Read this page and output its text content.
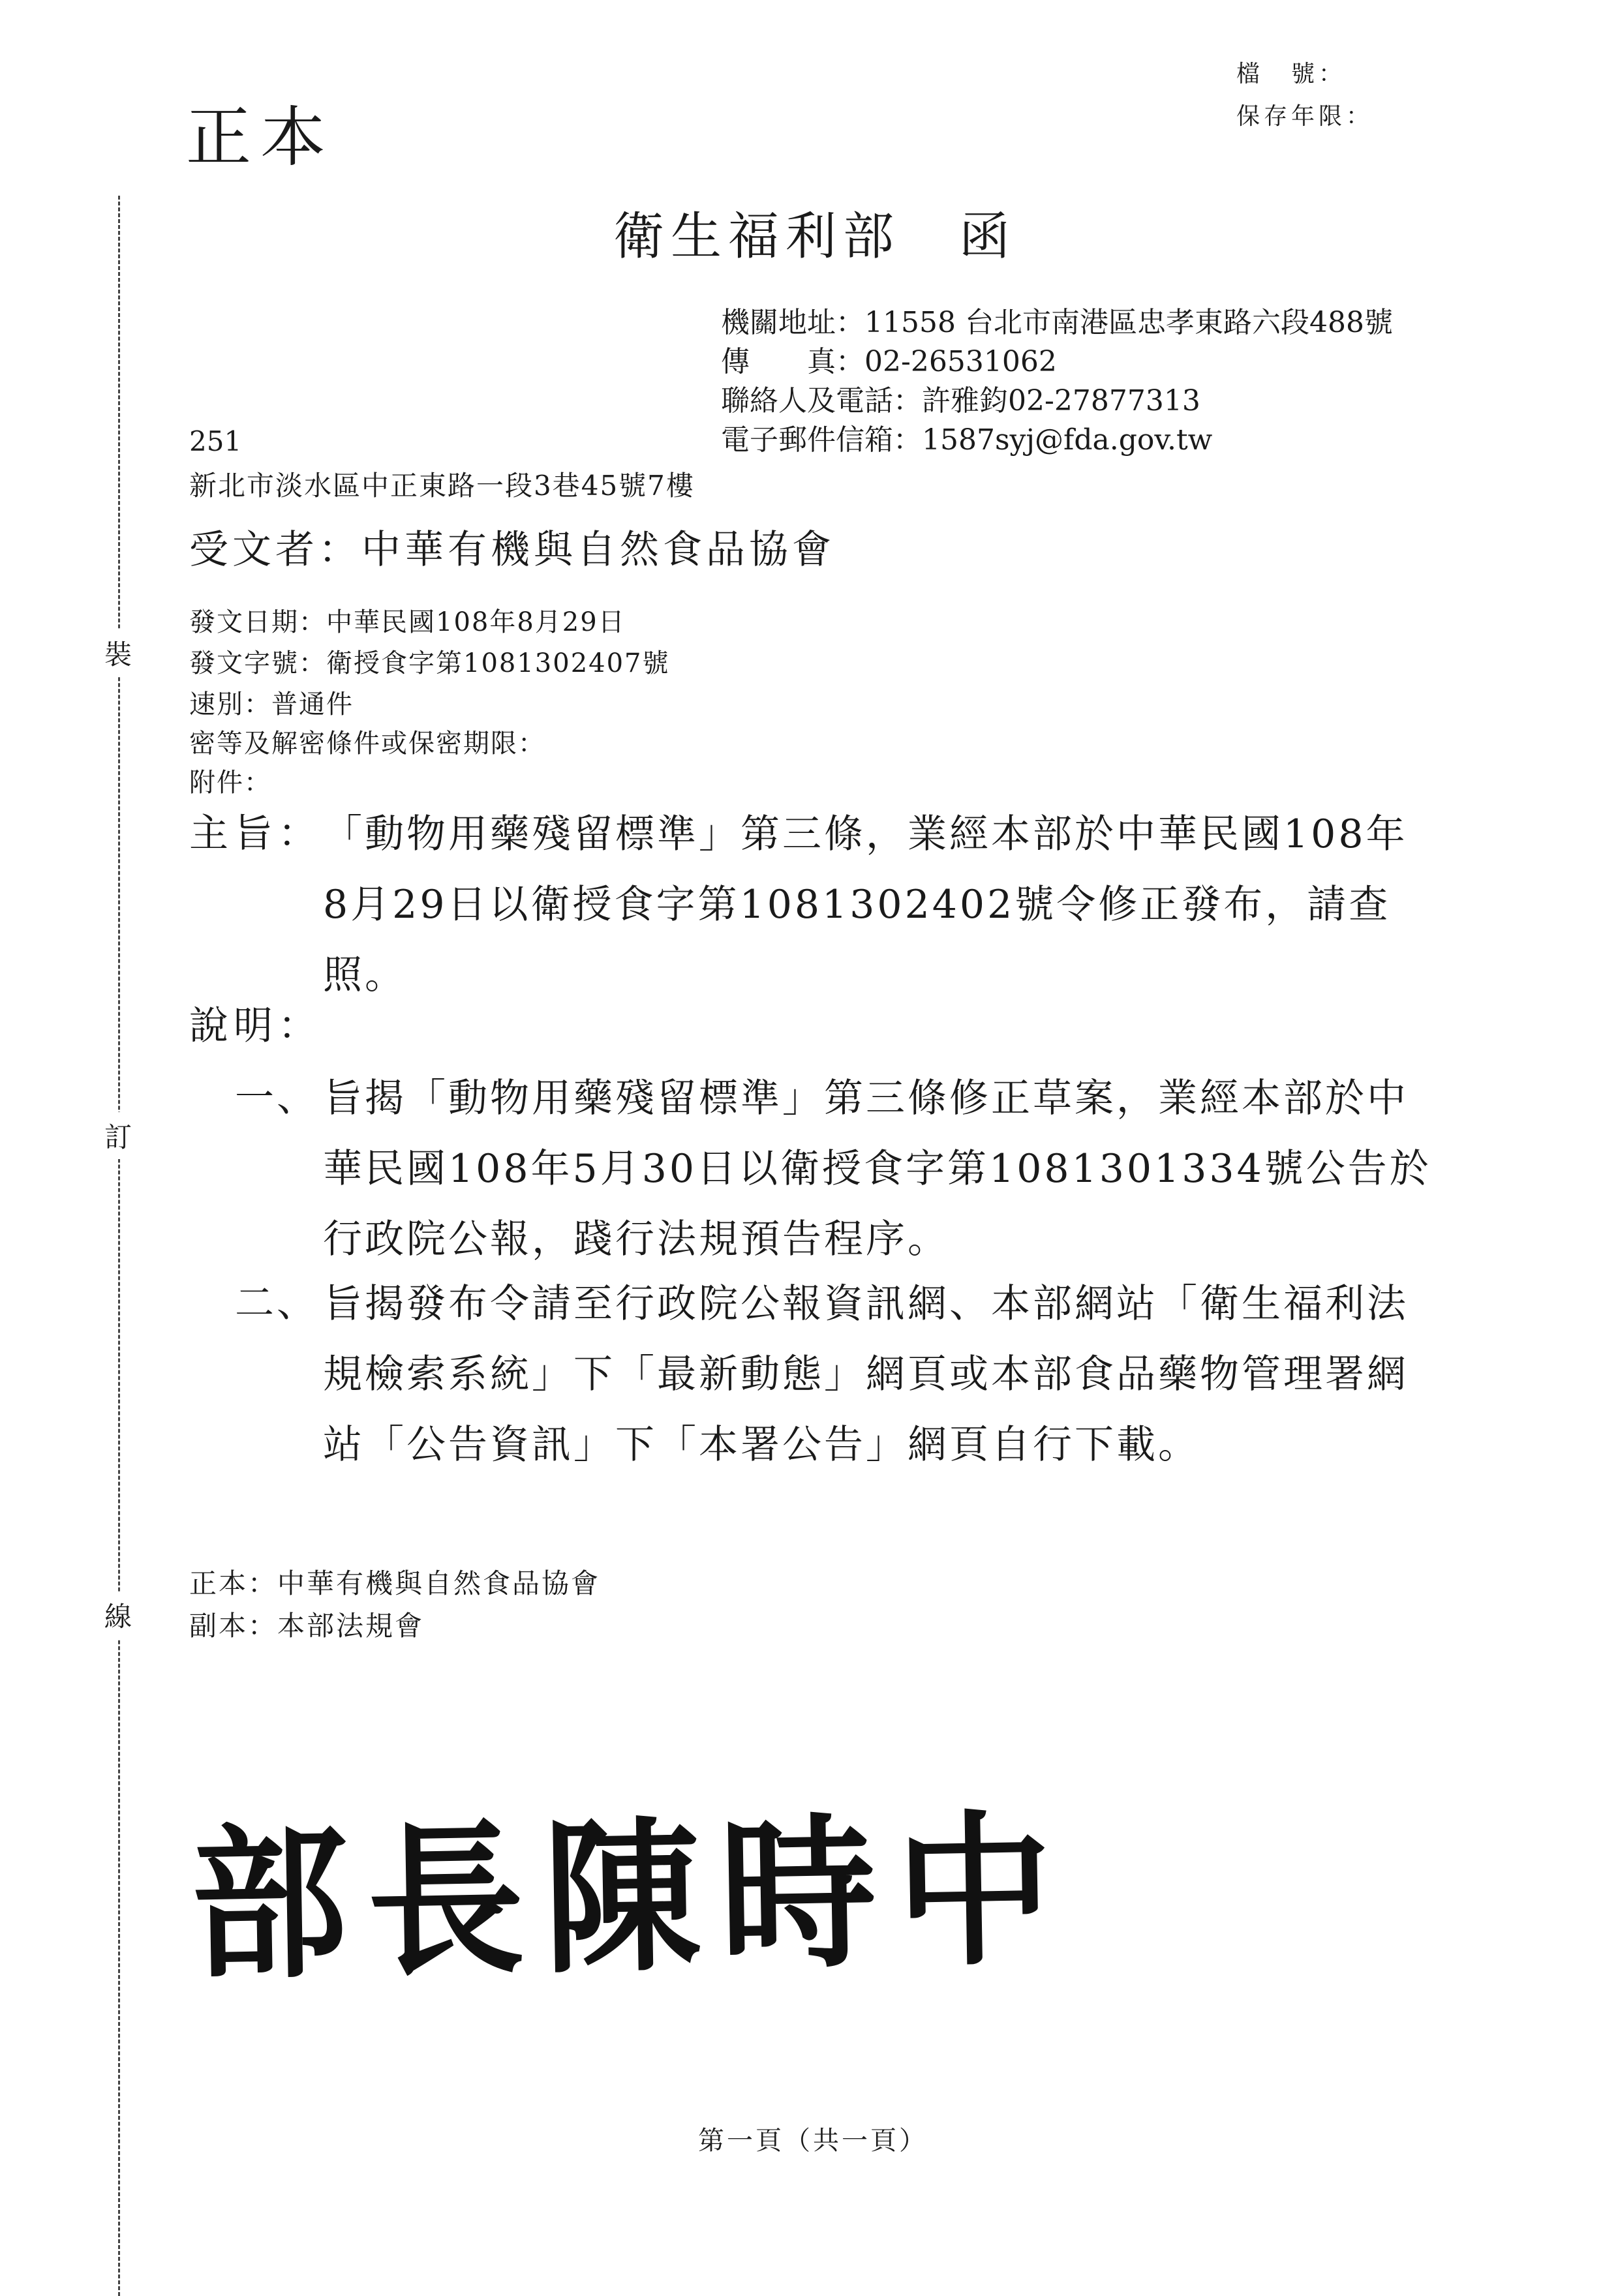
檔　號：
保存年限：
正本
衛生福利部 函
機關地址：11558 台北市南港區忠孝東路六段488號
傳　　真：02-26531062
聯絡人及電話：許雅鈞02-27877313
電子郵件信箱：1587syj@fda.gov.tw
251
新北市淡水區中正東路一段3巷45號7樓
受文者：中華有機與自然食品協會
發文日期：中華民國108年8月29日
發文字號：衛授食字第1081302407號
速別：普通件
密等及解密條件或保密期限：
附件：
主旨： 「動物用藥殘留標準」第三條，業經本部於中華民國108年8月29日以衛授食字第1081302402號令修正發布，請查照。
說明：
一、 旨揭「動物用藥殘留標準」第三條修正草案，業經本部於中華民國108年5月30日以衛授食字第1081301334號公告於行政院公報，踐行法規預告程序。
二、 旨揭發布令請至行政院公報資訊網、本部網站「衛生福利法規檢索系統」下「最新動態」網頁或本部食品藥物管理署網站「公告資訊」下「本署公告」網頁自行下載。
正本：中華有機與自然食品協會
副本：本部法規會
部長陳時中
第一頁（共一頁）
裝
訂
線
